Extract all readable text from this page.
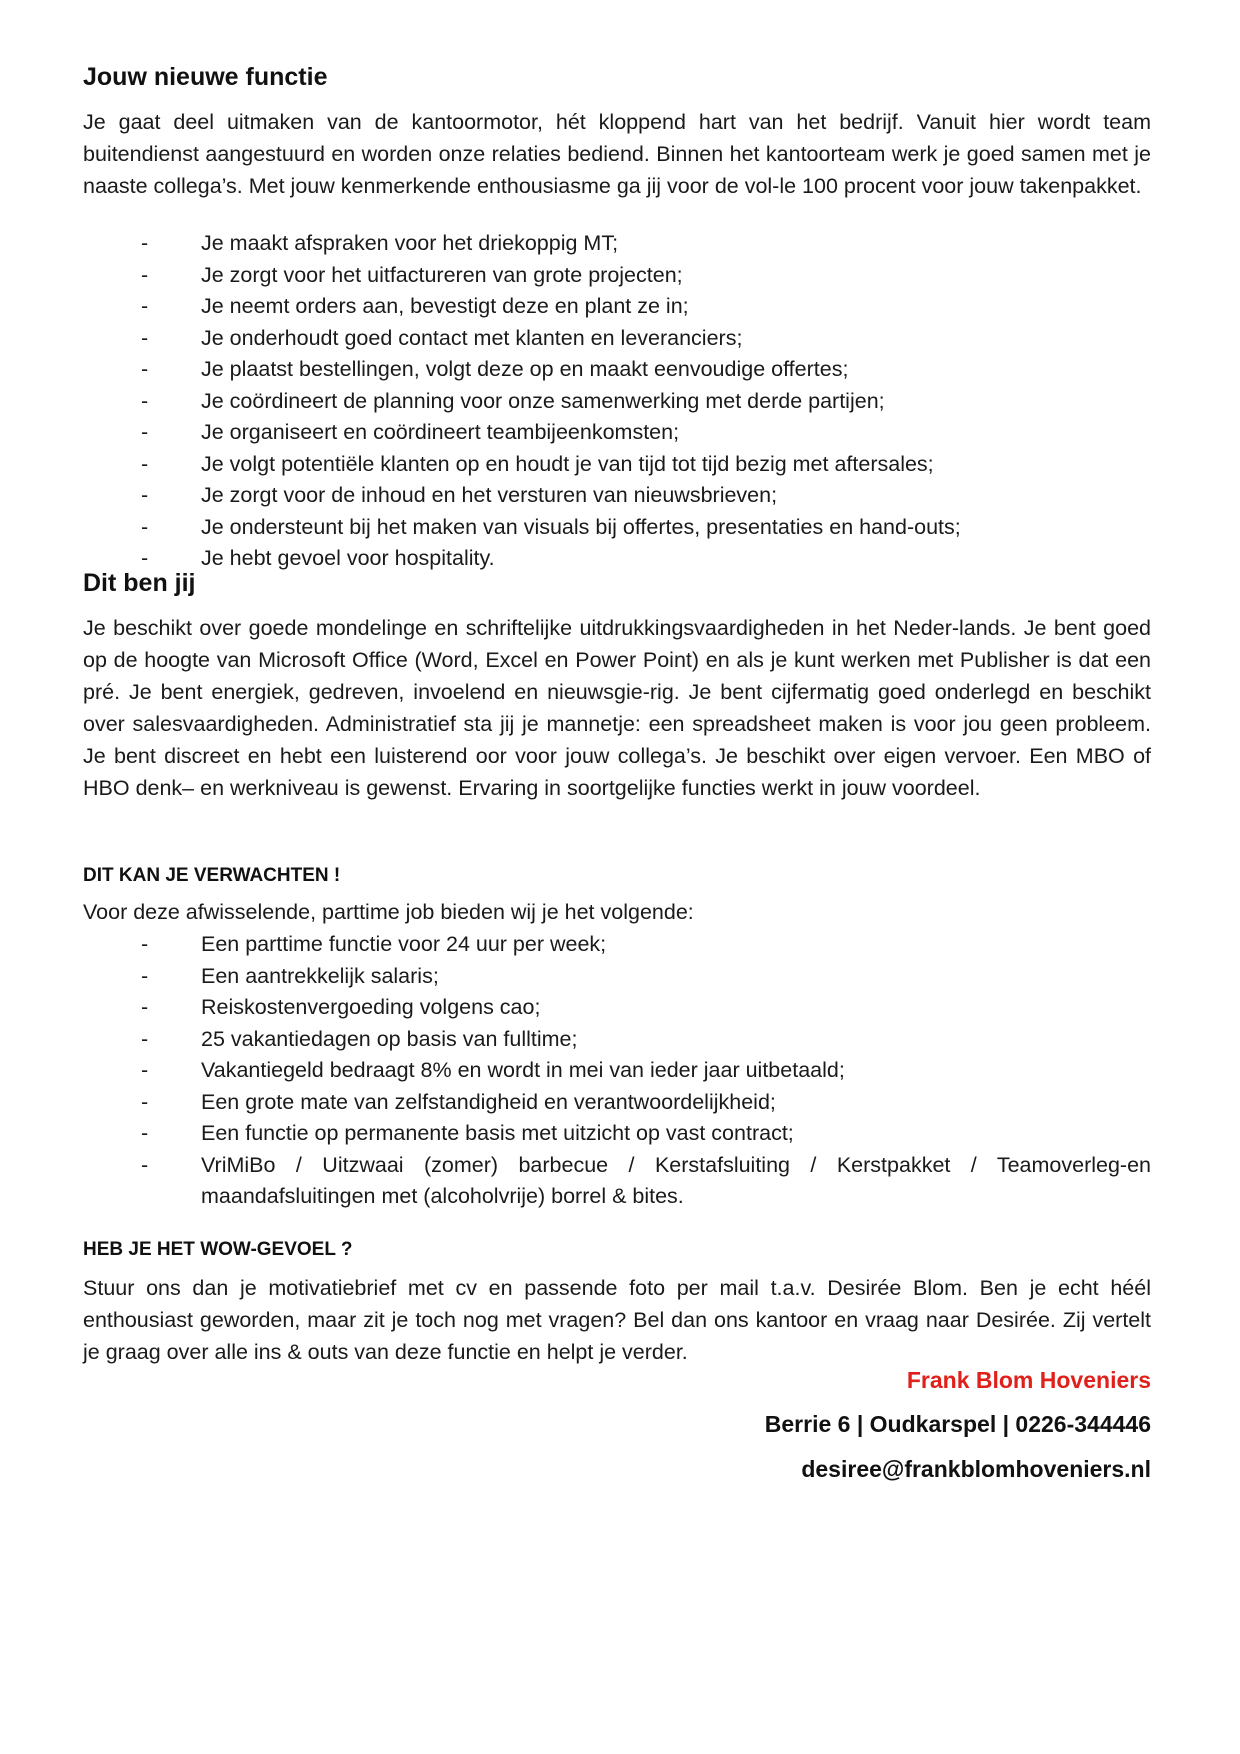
Jouw nieuwe functie

Je gaat deel uitmaken van de kantoormotor, hét kloppend hart van het bedrijf. Vanuit hier wordt team buitendienst aangestuurd en worden onze relaties bediend. Binnen het kantoorteam werk je goed samen met je naaste collega’s. Met jouw kenmerkende enthousiasme ga jij voor de vol-le 100 procent voor jouw takenpakket.

- Je maakt afspraken voor het driekoppig MT;
- Je zorgt voor het uitfactureren van grote projecten;
- Je neemt orders aan, bevestigt deze en plant ze in;
- Je onderhoudt goed contact met klanten en leveranciers;
- Je plaatst bestellingen, volgt deze op en maakt eenvoudige offertes;
- Je coördineert de planning voor onze samenwerking met derde partijen;
- Je organiseert en coördineert teambijeenkomsten;
- Je volgt potentiële klanten op en houdt je van tijd tot tijd bezig met aftersales;
- Je zorgt voor de inhoud en het versturen van nieuwsbrieven;
- Je ondersteunt bij het maken van visuals bij offertes, presentaties en hand-outs;
- Je hebt gevoel voor hospitality.
Dit ben jij

Je beschikt over goede mondelinge en schriftelijke uitdrukkingsvaardigheden in het Neder-lands. Je bent goed op de hoogte van Microsoft Office (Word, Excel en Power Point) en als je kunt werken met Publisher is dat een pré. Je bent energiek, gedreven, invoelend en nieuwsgie-rig. Je bent cijfermatig goed onderlegd en beschikt over salesvaardigheden. Administratief sta jij je mannetje: een spreadsheet maken is voor jou geen probleem. Je bent discreet en hebt een luisterend oor voor jouw collega’s. Je beschikt over eigen vervoer. Een MBO of HBO denk– en werkniveau is gewenst. Ervaring in soortgelijke functies werkt in jouw voordeel.

DIT KAN JE VERWACHTEN !

Voor deze afwisselende, parttime job bieden wij je het volgende:

- Een parttime functie voor 24 uur per week;
- Een aantrekkelijk salaris;
- Reiskostenvergoeding volgens cao;
- 25 vakantiedagen op basis van fulltime;
- Vakantiegeld bedraagt 8% en wordt in mei van ieder jaar uitbetaald;
- Een grote mate van zelfstandigheid en verantwoordelijkheid;
- Een functie op permanente basis met uitzicht op vast contract;
- VriMiBo / Uitzwaai (zomer) barbecue / Kerstafsluiting / Kerstpakket / Teamoverleg-en maandafsluitingen met (alcoholvrije) borrel & bites.
HEB JE HET WOW-GEVOEL ?

Stuur ons dan je motivatiebrief met cv en passende foto per mail t.a.v. Desirée Blom. Ben je echt héél enthousiast geworden, maar zit je toch nog met vragen? Bel dan ons kantoor en vraag naar Desirée. Zij vertelt je graag over alle ins & outs van deze functie en helpt je verder.

Frank Blom Hoveniers
Berrie 6 | Oudkarspel | 0226-344446
desiree@frankblomhoveniers.nl
